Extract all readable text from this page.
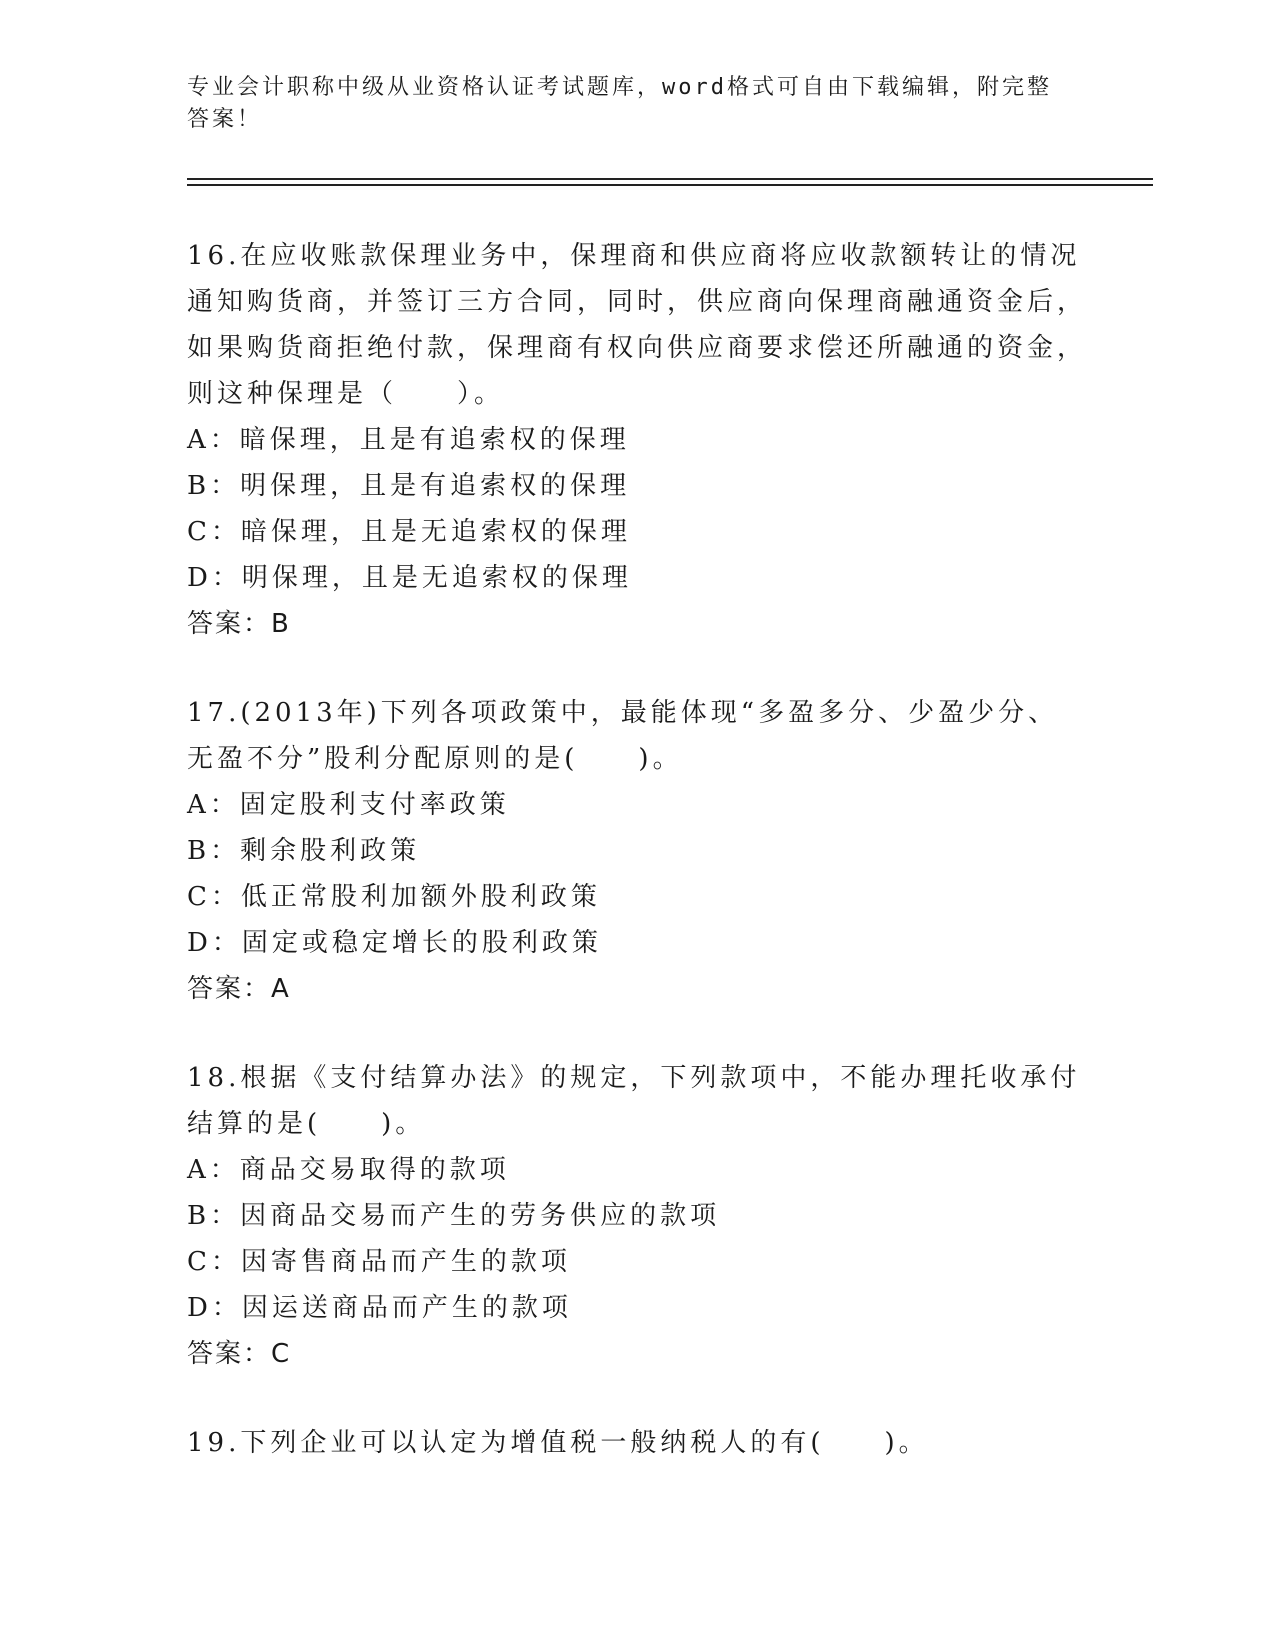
专业会计职称中级从业资格认证考试题库，word格式可自由下载编辑，附完整答案！

16.在应收账款保理业务中，保理商和供应商将应收款额转让的情况通知购货商，并签订三方合同，同时，供应商向保理商融通资金后，如果购货商拒绝付款，保理商有权向供应商要求偿还所融通的资金，则这种保理是（　　）。

A：暗保理，且是有追索权的保理

B：明保理，且是有追索权的保理

C：暗保理，且是无追索权的保理

D：明保理，且是无追索权的保理

答案：B

17.(2013年)下列各项政策中，最能体现“多盈多分、少盈少分、无盈不分”股利分配原则的是(　　)。

A：固定股利支付率政策

B：剩余股利政策

C：低正常股利加额外股利政策

D：固定或稳定增长的股利政策

答案：A

18.根据《支付结算办法》的规定，下列款项中，不能办理托收承付结算的是(　　)。

A：商品交易取得的款项

B：因商品交易而产生的劳务供应的款项

C：因寄售商品而产生的款项

D：因运送商品而产生的款项

答案：C

19.下列企业可以认定为增值税一般纳税人的有(　　)。
